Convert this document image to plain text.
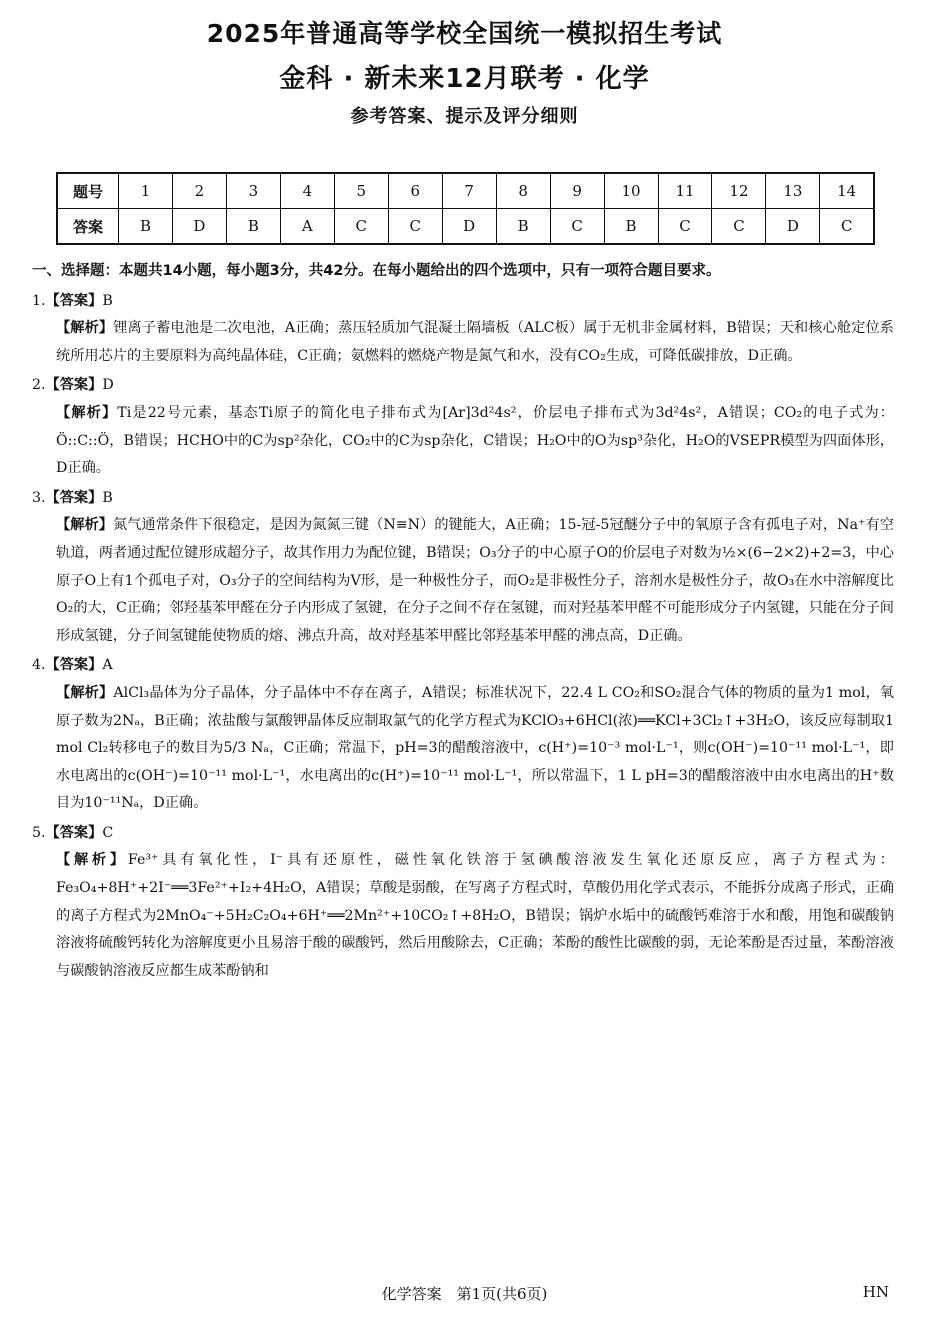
2025年普通高等学校全国统一模拟招生考试
金科 · 新未来12月联考 · 化学
参考答案、提示及评分细则
题号	1	2	3	4	5	6	7	8	9	10	11	12	13	14
答案	B	D	B	A	C	C	D	B	C	B	C	C	D	C
一、选择题：本题共14小题，每小题3分，共42分。在每小题给出的四个选项中，只有一项符合题目要求。
1.【答案】B
【解析】锂离子蓄电池是二次电池，A正确；蒸压轻质加气混凝土隔墙板（ALC板）属于无机非金属材料，B错误；天和核心舱定位系统所用芯片的主要原料为高纯晶体硅，C正确；氨燃料的燃烧产物是氮气和水，没有CO₂生成，可降低碳排放，D正确。
2.【答案】D
【解析】Ti是22号元素，基态Ti原子的简化电子排布式为[Ar]3d²4s²，价层电子排布式为3d²4s²，A错误；CO₂的电子式为：Ö::C::Ö，B错误；HCHO中的C为sp²杂化，CO₂中的C为sp杂化，C错误；H₂O中的O为sp³杂化，H₂O的VSEPR模型为四面体形，D正确。
3.【答案】B
【解析】氮气通常条件下很稳定，是因为氮氮三键（N≡N）的键能大，A正确；15-冠-5冠醚分子中的氧原子含有孤电子对，Na⁺有空轨道，两者通过配位键形成超分子，故其作用力为配位键，B错误；O₃分子的中心原子O的价层电子对数为½×(6−2×2)+2=3，中心原子O上有1个孤电子对，O₃分子的空间结构为V形，是一种极性分子，而O₂是非极性分子，溶剂水是极性分子，故O₃在水中溶解度比O₂的大，C正确；邻羟基苯甲醛在分子内形成了氢键，在分子之间不存在氢键，而对羟基苯甲醛不可能形成分子内氢键，只能在分子间形成氢键，分子间氢键能使物质的熔、沸点升高，故对羟基苯甲醛比邻羟基苯甲醛的沸点高，D正确。
4.【答案】A
【解析】AlCl₃晶体为分子晶体，分子晶体中不存在离子，A错误；标准状况下，22.4 L CO₂和SO₂混合气体的物质的量为1 mol，氧原子数为2Nₐ，B正确；浓盐酸与氯酸钾晶体反应制取氯气的化学方程式为KClO₃+6HCl(浓)══KCl+3Cl₂↑+3H₂O，该反应每制取1 mol Cl₂转移电子的数目为5/3 Nₐ，C正确；常温下，pH=3的醋酸溶液中，c(H⁺)=10⁻³ mol·L⁻¹，则c(OH⁻)=10⁻¹¹ mol·L⁻¹，即水电离出的c(OH⁻)=10⁻¹¹ mol·L⁻¹，水电离出的c(H⁺)=10⁻¹¹ mol·L⁻¹，所以常温下，1 L pH=3的醋酸溶液中由水电离出的H⁺数目为10⁻¹¹Nₐ，D正确。
5.【答案】C
【解析】Fe³⁺具有氧化性，I⁻具有还原性，磁性氧化铁溶于氢碘酸溶液发生氧化还原反应，离子方程式为：Fe₃O₄+8H⁺+2I⁻══3Fe²⁺+I₂+4H₂O，A错误；草酸是弱酸，在写离子方程式时，草酸仍用化学式表示，不能拆分成离子形式，正确的离子方程式为2MnO₄⁻+5H₂C₂O₄+6H⁺══2Mn²⁺+10CO₂↑+8H₂O，B错误；锅炉水垢中的硫酸钙难溶于水和酸，用饱和碳酸钠溶液将硫酸钙转化为溶解度更小且易溶于酸的碳酸钙，然后用酸除去，C正确；苯酚的酸性比碳酸的弱，无论苯酚是否过量，苯酚溶液与碳酸钠溶液反应都生成苯酚钠和
化学答案　第1页(共6页)	HN
